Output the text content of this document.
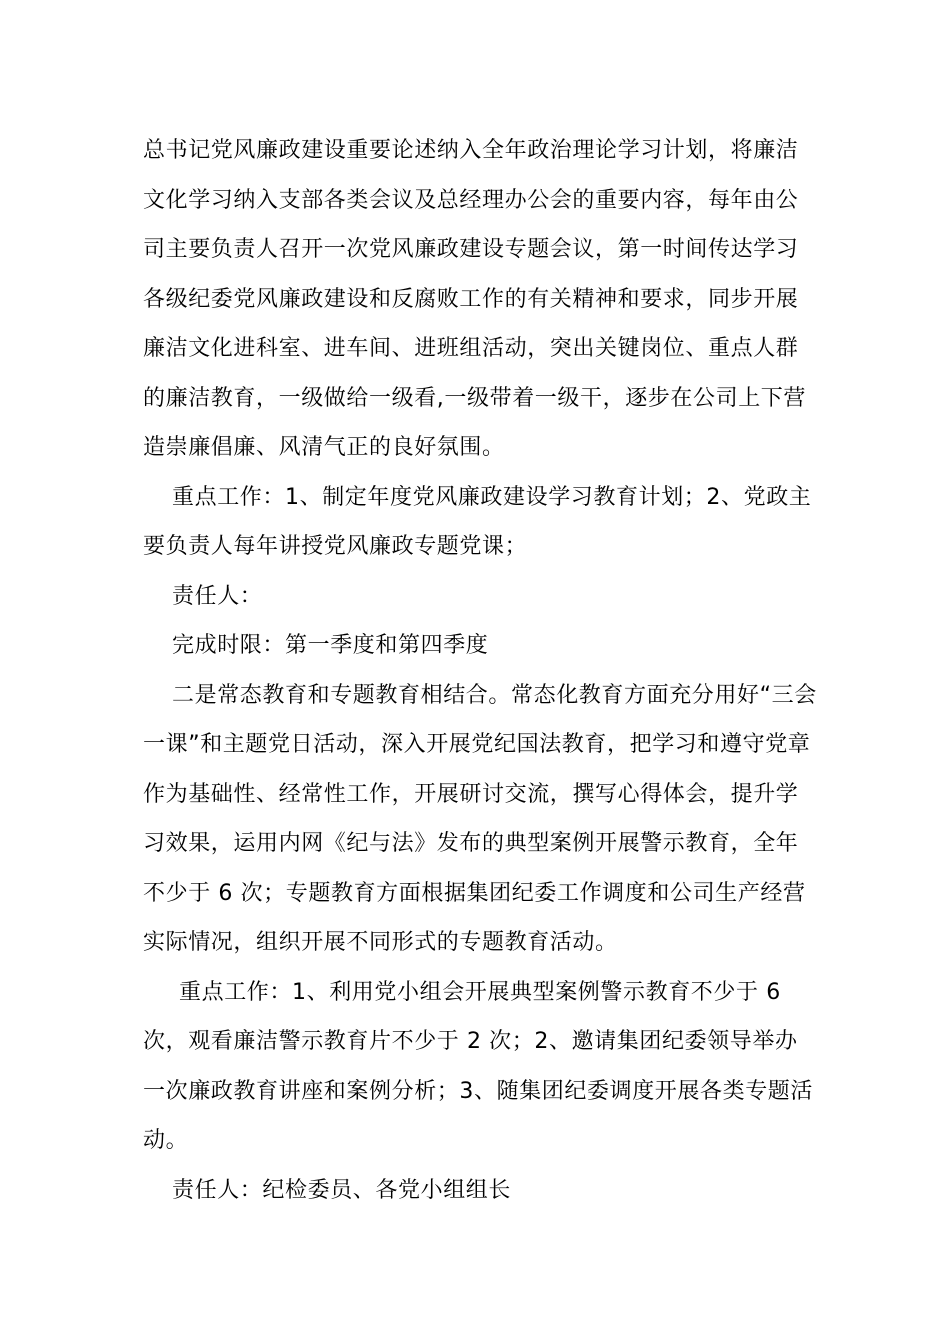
总书记党风廉政建设重要论述纳入全年政治理论学习计划，将廉洁
文化学习纳入支部各类会议及总经理办公会的重要内容，每年由公
司主要负责人召开一次党风廉政建设专题会议，第一时间传达学习
各级纪委党风廉政建设和反腐败工作的有关精神和要求，同步开展
廉洁文化进科室、进车间、进班组活动，突出关键岗位、重点人群
的廉洁教育，一级做给一级看,一级带着一级干，逐步在公司上下营
造崇廉倡廉、风清气正的良好氛围。
重点工作：1、制定年度党风廉政建设学习教育计划；2、党政主
要负责人每年讲授党风廉政专题党课；
责任人：
完成时限：第一季度和第四季度
二是常态教育和专题教育相结合。常态化教育方面充分用好“三会
一课”和主题党日活动，深入开展党纪国法教育，把学习和遵守党章
作为基础性、经常性工作，开展研讨交流，撰写心得体会，提升学
习效果，运用内网《纪与法》发布的典型案例开展警示教育，全年
不少于 6 次；专题教育方面根据集团纪委工作调度和公司生产经营
实际情况，组织开展不同形式的专题教育活动。
重点工作：1、利用党小组会开展典型案例警示教育不少于 6
次，观看廉洁警示教育片不少于 2 次；2、邀请集团纪委领导举办
一次廉政教育讲座和案例分析；3、随集团纪委调度开展各类专题活
动。
责任人：纪检委员、各党小组组长
